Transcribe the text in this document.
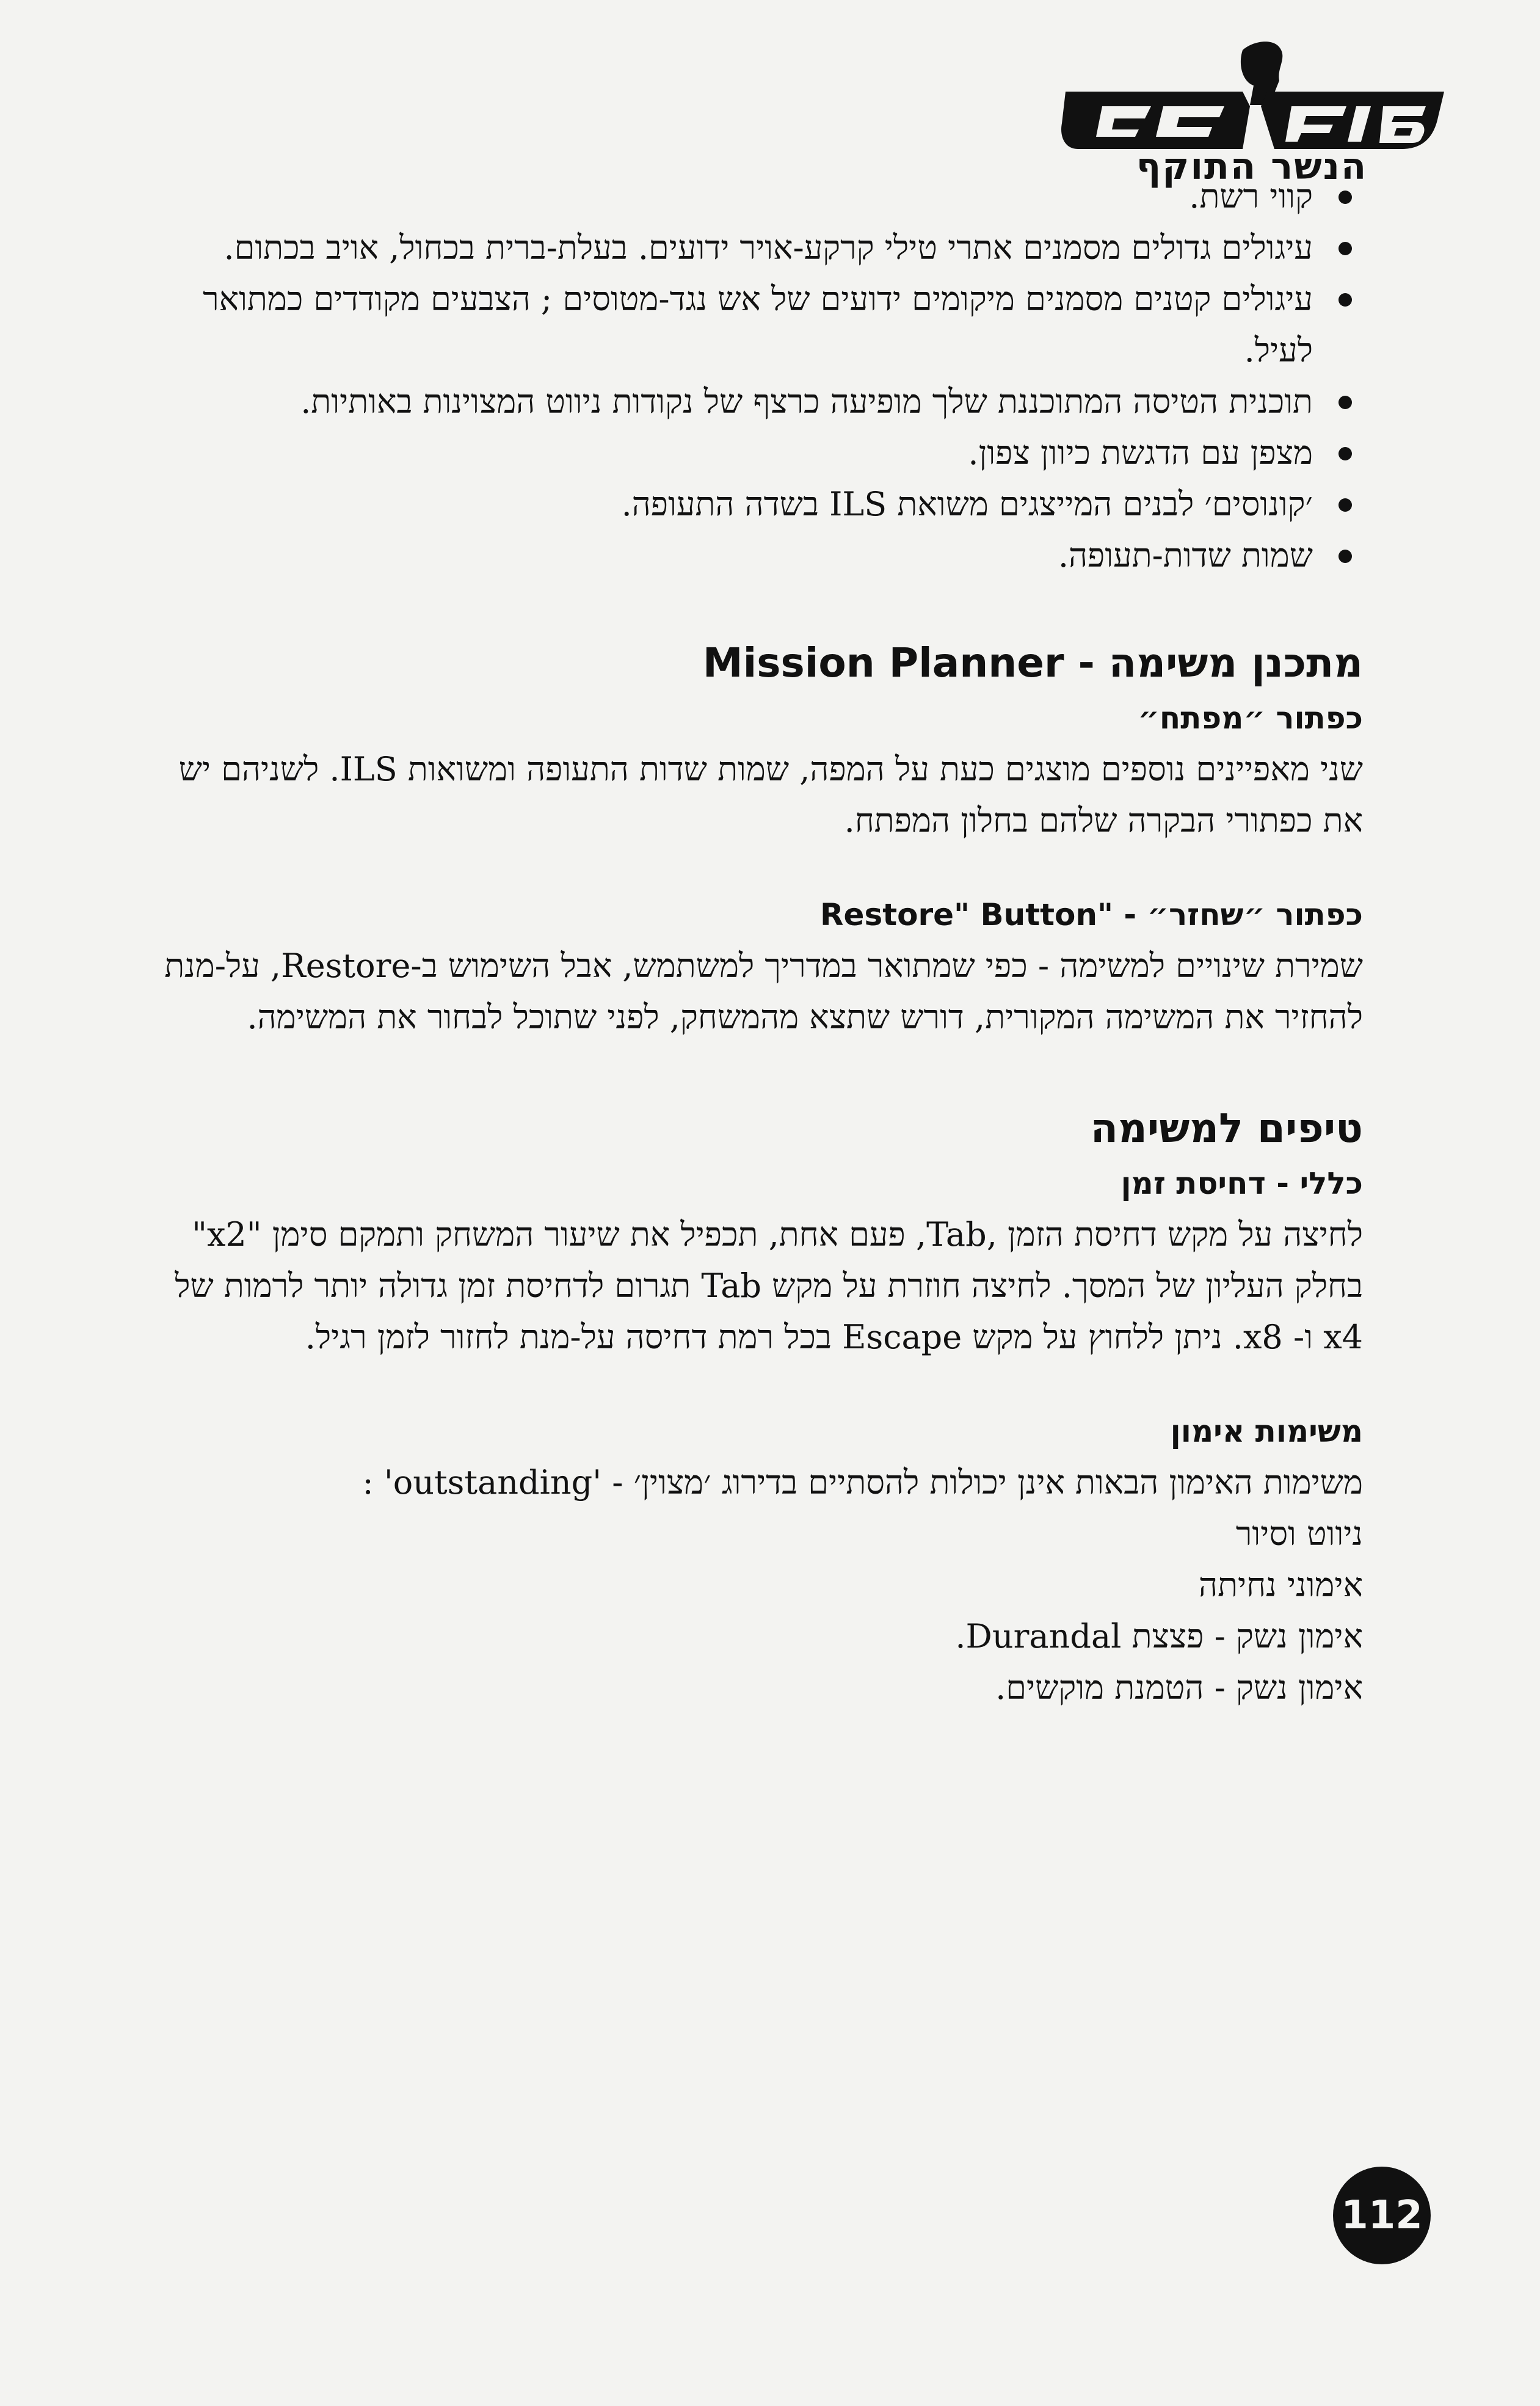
F-16
הנשר התוקף
קווי רשת.
עיגולים גדולים מסמנים אתרי טילי קרקע-אויר ידועים. בעלת-ברית בכחול, אויב בכתום.
עיגולים קטנים מסמנים מיקומים ידועים של אש נגד-מטוסים ; הצבעים מקודדים כמתואר לעיל.
תוכנית הטיסה המתוכננת שלך מופיעה כרצף של נקודות ניווט המצוינות באותיות.
מצפן עם הדגשת כיוון צפון.
׳קונוסים׳ לבנים המייצגים משואת ILS בשדה התעופה.
שמות שדות-תעופה.
מתכנן משימה - Mission Planner
כפתור ״מפתח״

שני מאפיינים נוספים מוצגים כעת על המפה, שמות שדות התעופה ומשואות ILS. לשניהם יש את כפתורי הבקרה שלהם בחלון המפתח.

כפתור ״שחזר״ - "Restore" Button

שמירת שינויים למשימה - כפי שמתואר במדריך למשתמש, אבל השימוש ב-Restore, על-מנת להחזיר את המשימה המקורית, דורש שתצא מהמשחק, לפני שתוכל לבחור את המשימה.

טיפים למשימה
כללי - דחיסת זמן

לחיצה על מקש דחיסת הזמן ,Tab, פעם אחת, תכפיל את שיעור המשחק ותמקם סימן "x2" בחלק העליון של המסך. לחיצה חוזרת על מקש Tab תגרום לדחיסת זמן גדולה יותר לרמות של x4 ו- x8. ניתן ללחוץ על מקש Escape בכל רמת דחיסה על-מנת לחזור לזמן רגיל.

משימות אימון

משימות האימון הבאות אינן יכולות להסתיים בדירוג ׳מצוין׳ - 'outstanding' :

ניווט וסיור
אימוני נחיתה
אימון נשק - פצצת Durandal.
אימון נשק - הטמנת מוקשים.
112
